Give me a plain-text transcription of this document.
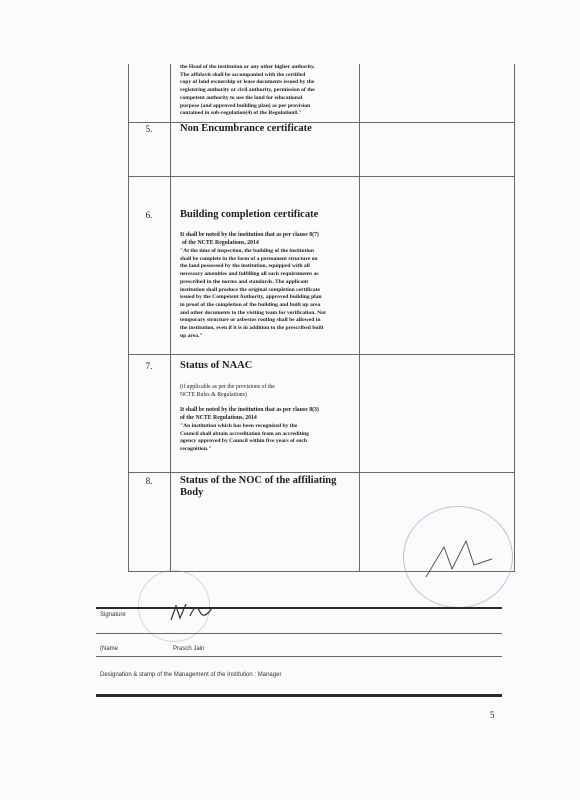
the Head of the institution or any other higher authority.
The affidavit shall be accompanied with the certified
copy of land ownership or lease documents issued by the
registering authority or civil authority, permission of the
competent authority to use the land for educational
purpose (and approved building plan) as per provision
contained in sub-regulation(4) of the Regulation8."
5.	Non Encumbrance certificate
6.	Building completion certificate
It shall be noted by the institution that as per clause 8(7)
of the NCTE Regulations, 2014
"At the time of inspection, the building of the institution
shall be complete in the form of a permanent structure on
the land possessed by the institution, equipped with all
necessary amenities and fulfilling all such requirements as
prescribed in the norms and standards. The applicant
institution shall produce the original completion certificate
issued by the Competent Authority, approved building plan
in proof of the completion of the building and built up area
and other documents to the visiting team for verification. Not
temporary structure or asbestos roofing shall be allowed in
the institution, even if it is in addition to the prescribed built
up area."
7.	Status of NAAC
(if applicable as per the provisions of the
NCTE Rules & Regulations)
It shall be noted by the institution that as per clause 8(3)
of the NCTE Regulations, 2014
"An institution which has been recognized by the
Council shall obtain accreditation from an accrediting
agency approved by Council within five years of such
recognition."
8.	Status of the NOC of the affiliating
Body
Signature
(Name	Prasch Jain
Designation & stamp of the Management of the Institution : Manager
5
